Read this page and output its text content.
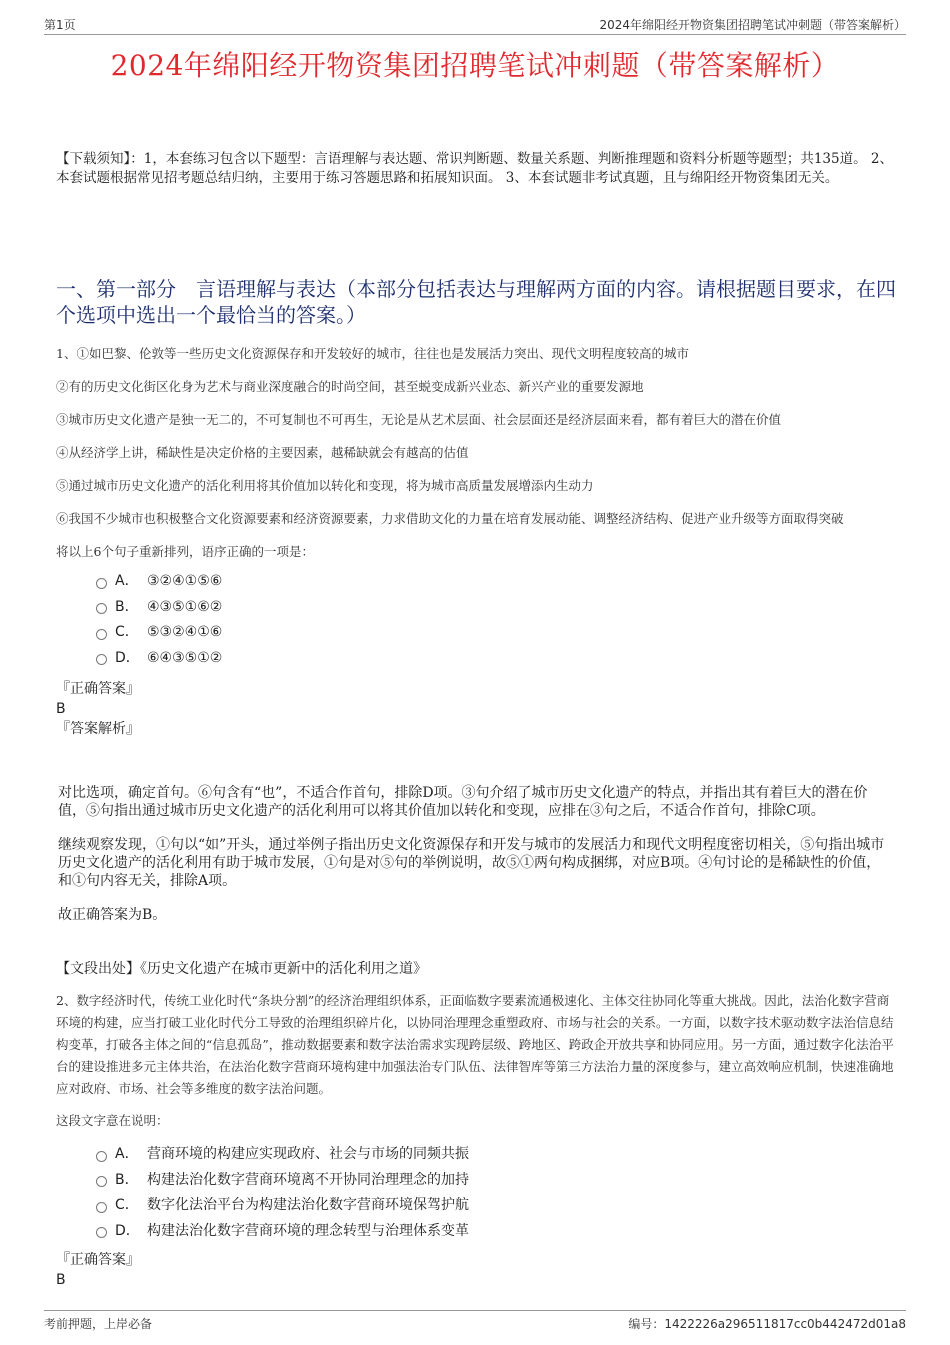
第1页	2024年绵阳经开物资集团招聘笔试冲刺题（带答案解析）
2024年绵阳经开物资集团招聘笔试冲刺题（带答案解析）
【下载须知】：1，本套练习包含以下题型：言语理解与表达题、常识判断题、数量关系题、判断推理题和资料分析题等题型；共135道。 2、本套试题根据常见招考题总结归纳，主要用于练习答题思路和拓展知识面。 3、本套试题非考试真题，且与绵阳经开物资集团无关。
一、第一部分　言语理解与表达（本部分包括表达与理解两方面的内容。请根据题目要求，在四个选项中选出一个最恰当的答案。）

1、①如巴黎、伦敦等一些历史文化资源保存和开发较好的城市，往往也是发展活力突出、现代文明程度较高的城市

②有的历史文化街区化身为艺术与商业深度融合的时尚空间，甚至蜕变成新兴业态、新兴产业的重要发源地

③城市历史文化遗产是独一无二的，不可复制也不可再生，无论是从艺术层面、社会层面还是经济层面来看，都有着巨大的潜在价值

④从经济学上讲，稀缺性是决定价格的主要因素，越稀缺就会有越高的估值

⑤通过城市历史文化遗产的活化利用将其价值加以转化和变现，将为城市高质量发展增添内生动力

⑥我国不少城市也积极整合文化资源要素和经济资源要素，力求借助文化的力量在培育发展动能、调整经济结构、促进产业升级等方面取得突破

将以上6个句子重新排列，语序正确的一项是：

A． ③②④①⑤⑥
B． ④③⑤①⑥②
C． ⑤③②④①⑥
D． ⑥④③⑤①②
『正确答案』
B
『答案解析』

对比选项，确定首句。⑥句含有“也”，不适合作首句，排除D项。③句介绍了城市历史文化遗产的特点，并指出其有着巨大的潜在价值，⑤句指出通过城市历史文化遗产的活化利用可以将其价值加以转化和变现，应排在③句之后，不适合作首句，排除C项。

继续观察发现，①句以“如”开头，通过举例子指出历史文化资源保存和开发与城市的发展活力和现代文明程度密切相关，⑤句指出城市历史文化遗产的活化利用有助于城市发展，①句是对⑤句的举例说明，故⑤①两句构成捆绑，对应B项。④句讨论的是稀缺性的价值，和①句内容无关，排除A项。

故正确答案为B。

【文段出处】《历史文化遗产在城市更新中的活化利用之道》

2、数字经济时代，传统工业化时代“条块分割”的经济治理组织体系，正面临数字要素流通极速化、主体交往协同化等重大挑战。因此，法治化数字营商环境的构建，应当打破工业化时代分工导致的治理组织碎片化，以协同治理理念重塑政府、市场与社会的关系。一方面，以数字技术驱动数字法治信息结构变革，打破各主体之间的“信息孤岛”，推动数据要素和数字法治需求实现跨层级、跨地区、跨政企开放共享和协同应用。另一方面，通过数字化法治平台的建设推进多元主体共治，在法治化数字营商环境构建中加强法治专门队伍、法律智库等第三方法治力量的深度参与，建立高效响应机制，快速准确地应对政府、市场、社会等多维度的数字法治问题。

这段文字意在说明：

A． 营商环境的构建应实现政府、社会与市场的同频共振
B． 构建法治化数字营商环境离不开协同治理理念的加持
C． 数字化法治平台为构建法治化数字营商环境保驾护航
D． 构建法治化数字营商环境的理念转型与治理体系变革
『正确答案』
B
考前押题，上岸必备	编号：1422226a296511817cc0b442472d01a8
